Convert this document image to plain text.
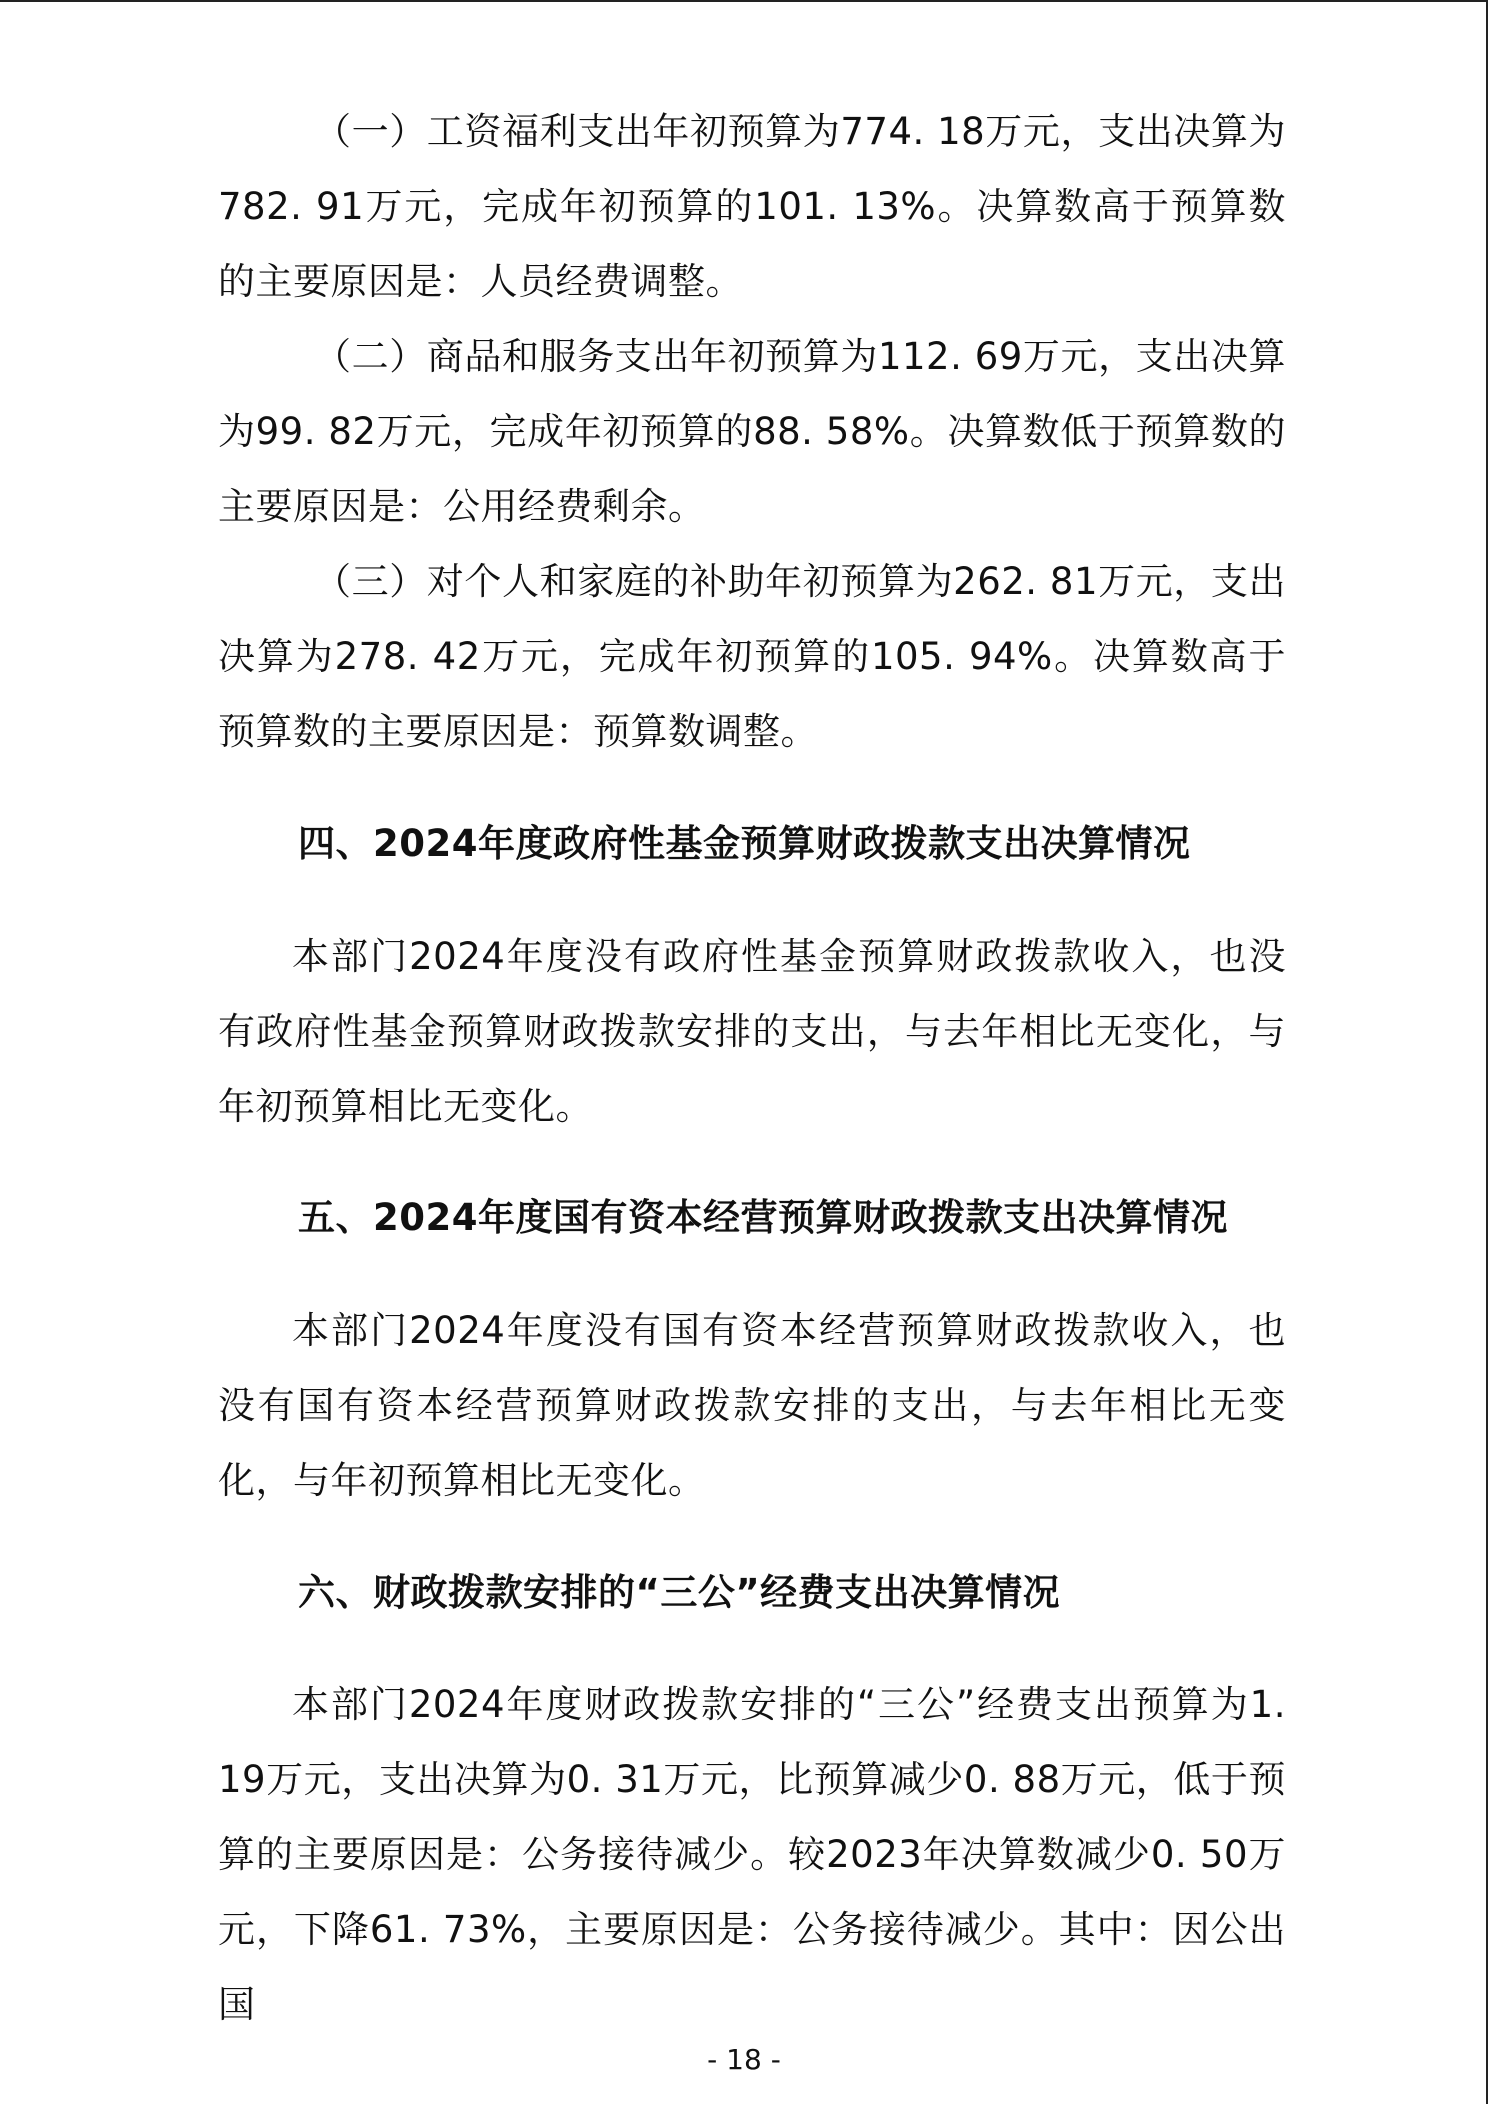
（一）工资福利支出年初预算为774. 18万元，支出决算为782. 91万元，完成年初预算的101. 13%。决算数高于预算数的主要原因是：人员经费调整。

（二）商品和服务支出年初预算为112. 69万元，支出决算为99. 82万元，完成年初预算的88. 58%。决算数低于预算数的主要原因是：公用经费剩余。

（三）对个人和家庭的补助年初预算为262. 81万元，支出决算为278. 42万元，完成年初预算的105. 94%。决算数高于预算数的主要原因是：预算数调整。

四、2024年度政府性基金预算财政拨款支出决算情况

本部门2024年度没有政府性基金预算财政拨款收入，也没有政府性基金预算财政拨款安排的支出，与去年相比无变化，与年初预算相比无变化。

五、2024年度国有资本经营预算财政拨款支出决算情况

本部门2024年度没有国有资本经营预算财政拨款收入，也没有国有资本经营预算财政拨款安排的支出，与去年相比无变化，与年初预算相比无变化。

六、财政拨款安排的“三公”经费支出决算情况

本部门2024年度财政拨款安排的“三公”经费支出预算为1. 19万元，支出决算为0. 31万元，比预算减少0. 88万元，低于预算的主要原因是：公务接待减少。较2023年决算数减少0. 50万元，下降61. 73%，主要原因是：公务接待减少。其中：因公出国

- 18 -
